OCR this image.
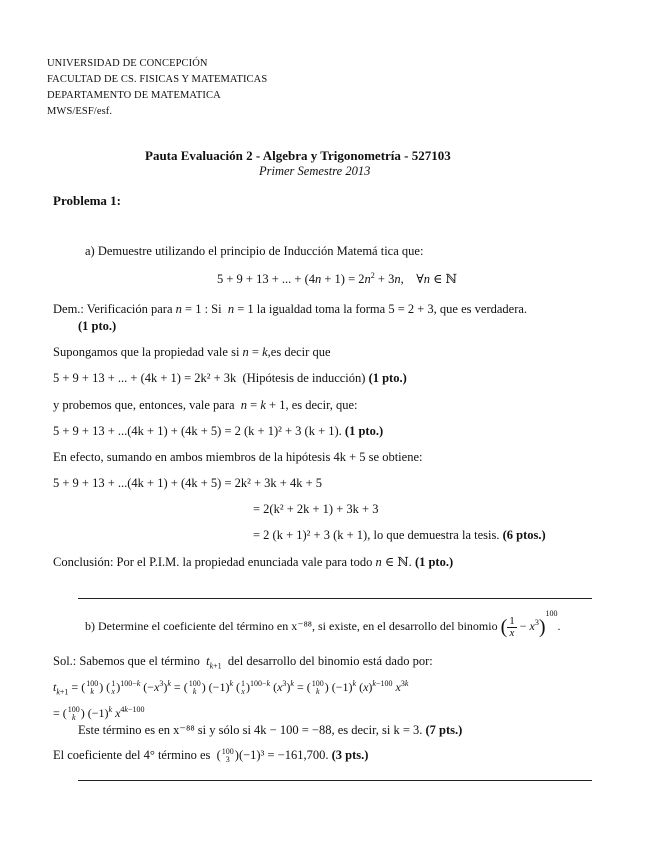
UNIVERSIDAD DE CONCEPCIÓN
FACULTAD DE CS. FISICAS Y MATEMATICAS
DEPARTAMENTO DE MATEMATICA
MWS/ESF/esf.
Pauta Evaluación 2 - Algebra y Trigonometría - 527103
Primer Semestre 2013
Problema 1:
a) Demuestre utilizando el principio de Inducción Matemá tica que:
5 + 9 + 13 + ... + $(4n + 1) = 2n^2 + 3n$,    ∀n ∈ ℕ
Dem.: Verificación para n = 1 : Si  n = 1 la igualdad toma la forma 5 = 2 + 3, que es verdadera.
(1 pto.)
Supongamos que la propiedad vale si n = k,es decir que
5 + 9 + 13 + ... + (4k + 1) = 2k² + 3k (Hipótesis de inducción) (1 pto.)
y probemos que, entonces, vale para n = k + 1, es decir, que:
5 + 9 + 13 + ...(4k + 1) + (4k + 5) = 2 (k + 1)² + 3 (k + 1). (1 pto.)
En efecto, sumando en ambos miembros de la hipótesis 4k + 5 se obtiene:
5 + 9 + 13 + ...(4k + 1) + (4k + 5) = 2k² + 3k + 4k + 5
= 2(k² + 2k + 1) + 3k + 3
= 2 (k + 1)² + 3 (k + 1), lo que demuestra la tesis. (6 ptos.)
Conclusión: Por el P.I.M. la propiedad enunciada vale para todo n ∈ ℕ. (1 pto.)
b) Determine el coeficiente del término en x⁻⁸⁸, si existe, en el desarrollo del binomio ( $\frac{1}{x} - x^3)^{100}$.
Sol.: Sabemos que el término $t_{k+1}$ del desarrollo del binomio está dado por:
$t_{k+1} = (100$
k ) (1
x)$^{100-k}$ $(-x^3)^k = (100$
k ) $(-1)^k$ (1
x)$^{100-k}$ $(x^3)^k = (100$
k ) $(-1)^k$ $(x)^{k-100}$ $x^{3k}$
= (100
k ) $(-1)^k$ $x^{4k-100}$
Este término es en x⁻⁸⁸ si y sólo si 4k − 100 = −88, es decir, si k = 3. (7 pts.)
El coeficiente del 4° término es  (100
3 )(−1)³ = −161,700. (3 pts.)
